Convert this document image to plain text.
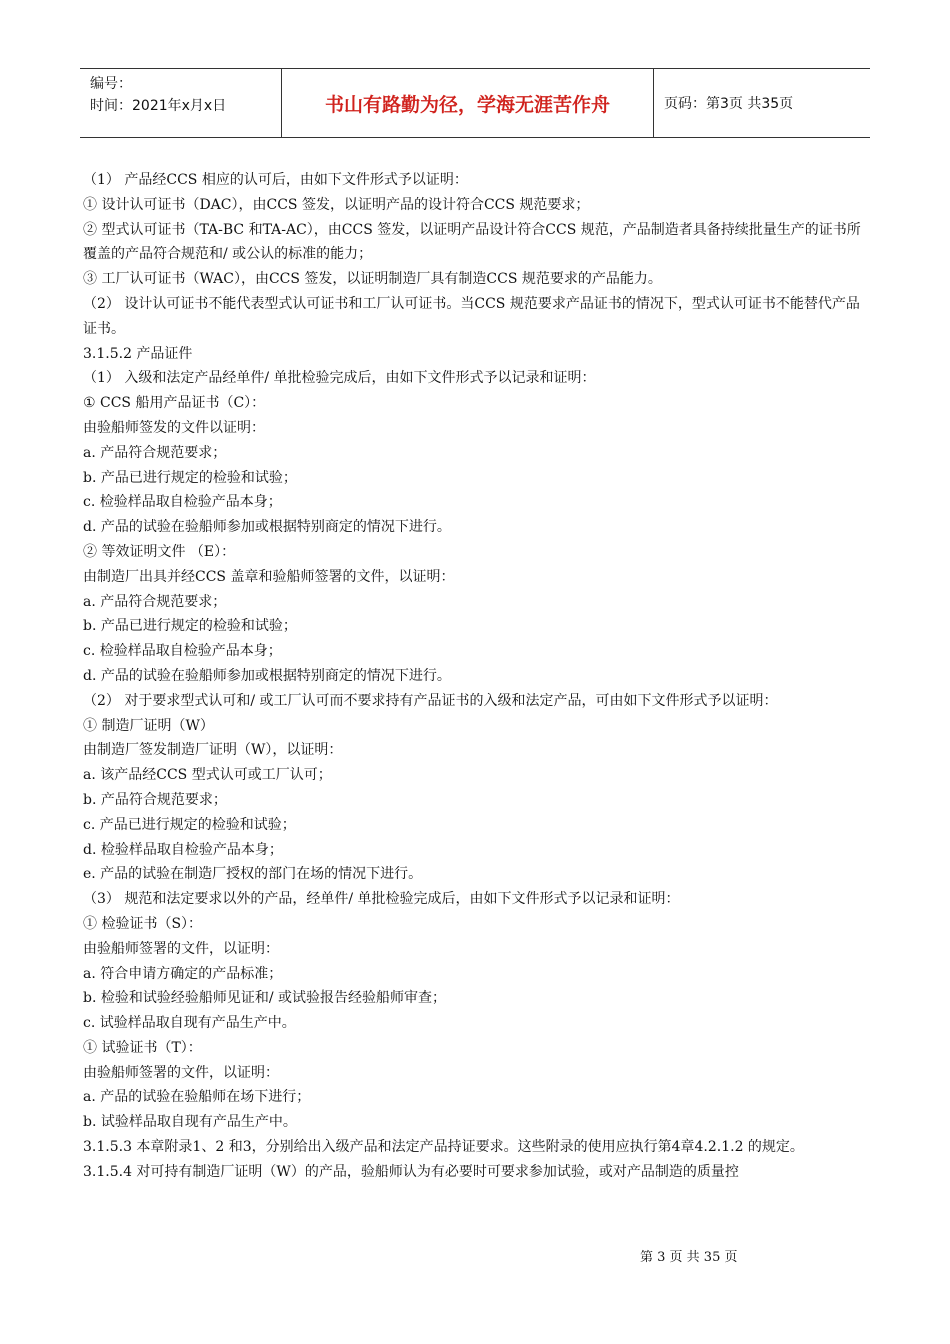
编号：
时间：2021年x月x日	书山有路勤为径，学海无涯苦作舟	页码：第3页 共35页

（1） 产品经CCS 相应的认可后，由如下文件形式予以证明：

① 设计认可证书（DAC），由CCS 签发，以证明产品的设计符合CCS 规范要求；

② 型式认可证书（TA-BC 和TA-AC），由CCS 签发，以证明产品设计符合CCS 规范，产品制造者具备持续批量生产的证书所覆盖的产品符合规范和/ 或公认的标准的能力；

③ 工厂认可证书（WAC），由CCS 签发，以证明制造厂具有制造CCS 规范要求的产品能力。

（2） 设计认可证书不能代表型式认可证书和工厂认可证书。当CCS 规范要求产品证书的情况下，型式认可证书不能替代产品证书。

3.1.5.2 产品证件

（1） 入级和法定产品经单件/ 单批检验完成后，由如下文件形式予以记录和证明：

① CCS 船用产品证书（C）：

由验船师签发的文件以证明：

a. 产品符合规范要求；

b. 产品已进行规定的检验和试验；

c. 检验样品取自检验产品本身；

d. 产品的试验在验船师参加或根据特别商定的情况下进行。

② 等效证明文件 （E）：

由制造厂出具并经CCS 盖章和验船师签署的文件，以证明：

a. 产品符合规范要求；

b. 产品已进行规定的检验和试验；

c. 检验样品取自检验产品本身；

d. 产品的试验在验船师参加或根据特别商定的情况下进行。

（2） 对于要求型式认可和/ 或工厂认可而不要求持有产品证书的入级和法定产品，可由如下文件形式予以证明：

① 制造厂证明（W）

由制造厂签发制造厂证明（W），以证明：

a. 该产品经CCS 型式认可或工厂认可；

b. 产品符合规范要求；

c. 产品已进行规定的检验和试验；

d. 检验样品取自检验产品本身；

e. 产品的试验在制造厂授权的部门在场的情况下进行。

（3） 规范和法定要求以外的产品，经单件/ 单批检验完成后，由如下文件形式予以记录和证明：

① 检验证书（S）：

由验船师签署的文件，以证明：

a. 符合申请方确定的产品标准；

b. 检验和试验经验船师见证和/ 或试验报告经验船师审查；

c. 试验样品取自现有产品生产中。

① 试验证书（T）：

由验船师签署的文件，以证明：

a. 产品的试验在验船师在场下进行；

b. 试验样品取自现有产品生产中。

3.1.5.3 本章附录1、2 和3，分别给出入级产品和法定产品持证要求。这些附录的使用应执行第4章4.2.1.2 的规定。

3.1.5.4 对可持有制造厂证明（W）的产品，验船师认为有必要时可要求参加试验，或对产品制造的质量控

第 3 页 共 35 页
